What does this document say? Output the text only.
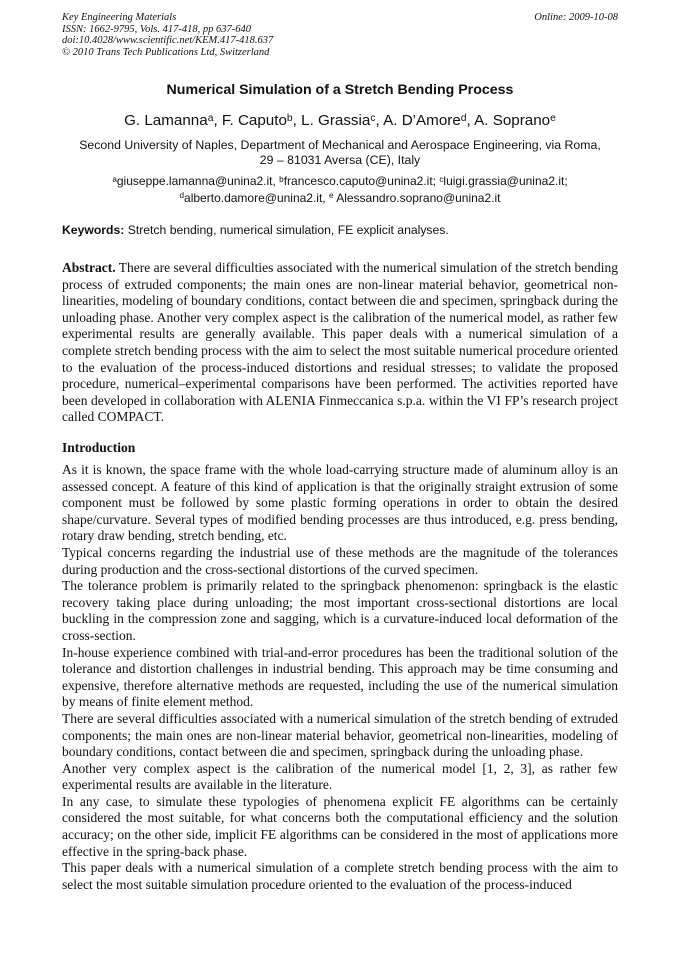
Key Engineering Materials
ISSN: 1662-9795, Vols. 417-418, pp 637-640
doi:10.4028/www.scientific.net/KEM.417-418.637
© 2010 Trans Tech Publications Ltd, Switzerland
Online: 2009-10-08
Numerical Simulation of a Stretch Bending Process
G. Lamanna$^a$, F. Caputo$^b$, L. Grassia$^c$, A. D’Amore$^d$, A. Soprano$^e$
Second University of Naples, Department of Mechanical and Aerospace Engineering, via Roma,
29 – 81031 Aversa (CE), Italy
$^a$giuseppe.lamanna@unina2.it, $^b$francesco.caputo@unina2.it; $^c$luigi.grassia@unina2.it;
$^d$alberto.damore@unina2.it, $^e$ Alessandro.soprano@unina2.it
Keywords: Stretch bending, numerical simulation, FE explicit analyses.
Abstract. There are several difficulties associated with the numerical simulation of the stretch bending process of extruded components; the main ones are non-linear material behavior, geometrical non-linearities, modeling of boundary conditions, contact between die and specimen, springback during the unloading phase. Another very complex aspect is the calibration of the numerical model, as rather few experimental results are generally available. This paper deals with a numerical simulation of a complete stretch bending process with the aim to select the most suitable numerical procedure oriented to the evaluation of the process-induced distortions and residual stresses; to validate the proposed procedure, numerical–experimental comparisons have been performed. The activities reported have been developed in collaboration with ALENIA Finmeccanica s.p.a. within the VI FP’s research project called COMPACT.
Introduction

As it is known, the space frame with the whole load-carrying structure made of aluminum alloy is an assessed concept. A feature of this kind of application is that the originally straight extrusion of some component must be followed by some plastic forming operations in order to obtain the desired shape/curvature. Several types of modified bending processes are thus introduced, e.g. press bending, rotary draw bending, stretch bending, etc.

Typical concerns regarding the industrial use of these methods are the magnitude of the tolerances during production and the cross-sectional distortions of the curved specimen.

The tolerance problem is primarily related to the springback phenomenon: springback is the elastic recovery taking place during unloading; the most important cross-sectional distortions are local buckling in the compression zone and sagging, which is a curvature-induced local deformation of the cross-section.

In-house experience combined with trial-and-error procedures has been the traditional solution of the tolerance and distortion challenges in industrial bending. This approach may be time consuming and expensive, therefore alternative methods are requested, including the use of the numerical simulation by means of finite element method.

There are several difficulties associated with a numerical simulation of the stretch bending of extruded components; the main ones are non-linear material behavior, geometrical non-linearities, modeling of boundary conditions, contact between die and specimen, springback during the unloading phase.

Another very complex aspect is the calibration of the numerical model [1, 2, 3], as rather few experimental results are available in the literature.

In any case, to simulate these typologies of phenomena explicit FE algorithms can be certainly considered the most suitable, for what concerns both the computational efficiency and the solution accuracy; on the other side, implicit FE algorithms can be considered in the most of applications more effective in the spring-back phase.

This paper deals with a numerical simulation of a complete stretch bending process with the aim to select the most suitable simulation procedure oriented to the evaluation of the process-induced
